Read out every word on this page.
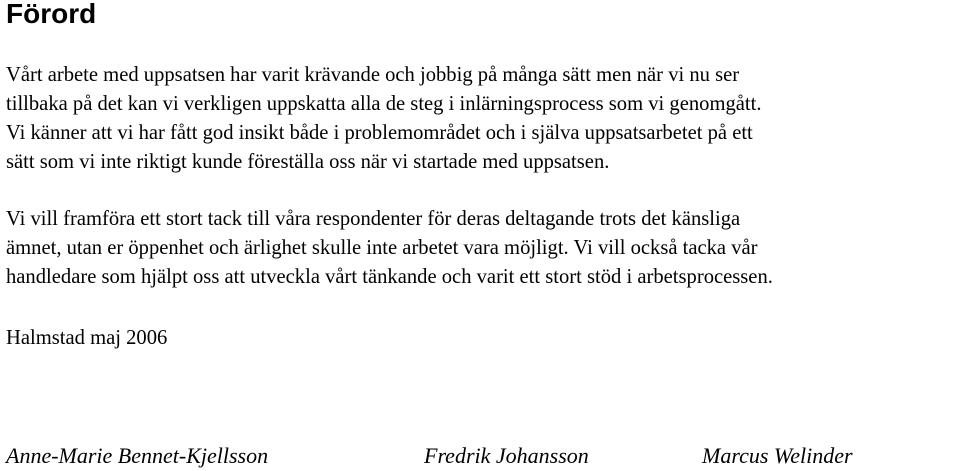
Förord

Vårt arbete med uppsatsen har varit krävande och jobbig på många sätt men när vi nu ser
tillbaka på det kan vi verkligen uppskatta alla de steg i inlärningsprocess som vi genomgått.
Vi känner att vi har fått god insikt både i problemområdet och i själva uppsatsarbetet på ett
sätt som vi inte riktigt kunde föreställa oss när vi startade med uppsatsen.

Vi vill framföra ett stort tack till våra respondenter för deras deltagande trots det känsliga
ämnet, utan er öppenhet och ärlighet skulle inte arbetet vara möjligt. Vi vill också tacka vår
handledare som hjälpt oss att utveckla vårt tänkande och varit ett stort stöd i arbetsprocessen.

Halmstad maj 2006

Anne-Marie Bennet-Kjellsson	Fredrik Johansson	Marcus Welinder
